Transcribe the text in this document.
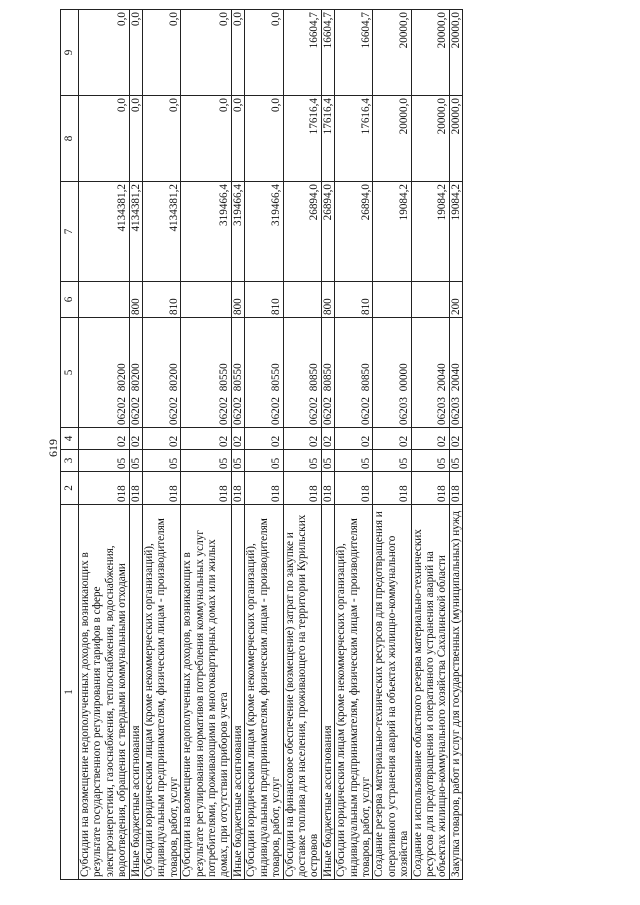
619
1	2	3	4	5	6	7	8	9
Субсидии на возмещение недополученных доходов, возникающих в результате государственного регулирования тарифов в сфере электроэнергетики, газоснабжения, теплоснабжения, водоснабжения, водоотведения, обращения с твердыми коммунальными отходами	018	05	02	06202 80200		4134381,2	0,0	0,0
Иные бюджетные ассигнования	018	05	02	06202 80200	800	4134381,2	0,0	0,0
Субсидии юридическим лицам (кроме некоммерческих организаций), индивидуальным предпринимателям, физическим лицам - производителям товаров, работ, услуг	018	05	02	06202 80200	810	4134381,2	0,0	0,0
Субсидии на возмещение недополученных доходов, возникающих в результате регулирования нормативов потребления коммунальных услуг потребителями, проживающими в многоквартирных домах или жилых домах, при отсутствии приборов учета	018	05	02	06202 80550		319466,4	0,0	0,0
Иные бюджетные ассигнования	018	05	02	06202 80550	800	319466,4	0,0	0,0
Субсидии юридическим лицам (кроме некоммерческих организаций), индивидуальным предпринимателям, физическим лицам - производителям товаров, работ, услуг	018	05	02	06202 80550	810	319466,4	0,0	0,0
Субсидии на финансовое обеспечение (возмещение) затрат по закупке и доставке топлива для населения, проживающего на территории Курильских островов	018	05	02	06202 80850		26894,0	17616,4	16604,7
Иные бюджетные ассигнования	018	05	02	06202 80850	800	26894,0	17616,4	16604,7
Субсидии юридическим лицам (кроме некоммерческих организаций), индивидуальным предпринимателям, физическим лицам - производителям товаров, работ, услуг	018	05	02	06202 80850	810	26894,0	17616,4	16604,7
Создание резерва материально-технических ресурсов для предотвращения и оперативного устранения аварий на объектах жилищно-коммунального хозяйства	018	05	02	06203 00000		19084,2	20000,0	20000,0
Создание и использование областного резерва материально-технических ресурсов для предотвращения и оперативного устранения аварий на объектах жилищно-коммунального хозяйства Сахалинской области	018	05	02	06203 20040		19084,2	20000,0	20000,0
Закупка товаров, работ и услуг для государственных (муниципальных) нужд	018	05	02	06203 20040	200	19084,2	20000,0	20000,0
